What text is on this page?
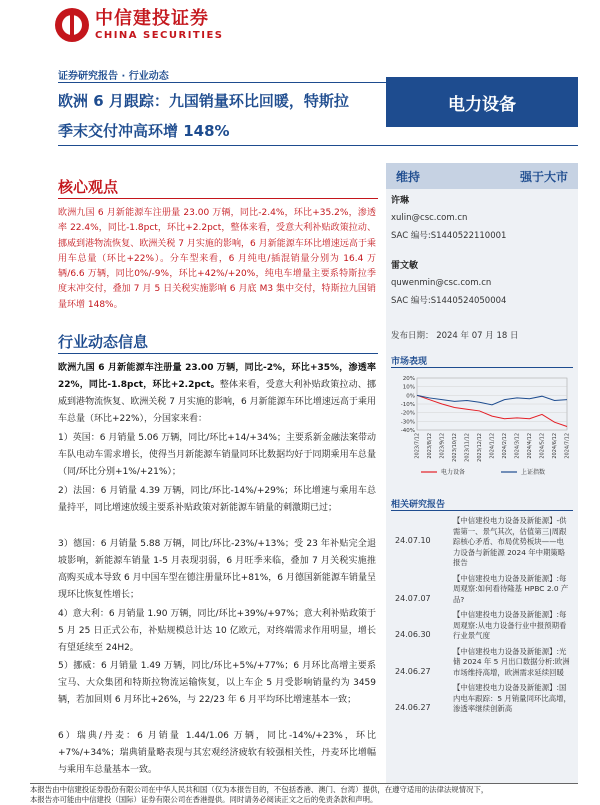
中信建投证券
CHINA SECURITIES
证券研究报告 · 行业动态
欧洲 6 月跟踪：九国销量环比回暖，特斯拉季末交付冲高环增 148%
电力设备
核心观点
欧洲九国 6 月新能源车注册量 23.00 万辆，同比-2.4%，环比+35.2%，渗透率 22.4%，同比-1.8pct，环比+2.2pct，整体来看，受意大利补贴政策拉动、挪威到港物流恢复、欧洲关税 7 月实施的影响，6 月新能源车环比增速远高于乘用车总量（环比+22%）。分车型来看，6 月纯电/插混销量分别为 16.4 万辆/6.6 万辆，同比0%/-9%，环比+42%/+20%，纯电车增量主要系特斯拉季度末冲交付，叠加 7 月 5 日关税实施影响 6 月底 M3 集中交付，特斯拉九国销量环增 148%。
行业动态信息
欧洲九国 6 月新能源车注册量 23.00 万辆，同比-2%，环比+35%，渗透率 22%，同比-1.8pct，环比+2.2pct。整体来看，受意大利补贴政策拉动、挪威到港物流恢复、欧洲关税 7 月实施的影响，6 月新能源车环比增速远高于乘用车总量（环比+22%），分国家来看：
1）英国：6 月销量 5.06 万辆，同比/环比+14/+34%；主要系新金融法案带动车队电动车需求增长，使得当月新能源车销量同环比数据均好于同期乘用车总量（同/环比分别+1%/+21%）；
2）法国：6 月销量 4.39 万辆，同比/环比-14%/+29%；环比增速与乘用车总量持平，同比增速放缓主要系补贴政策对新能源车销量的刺激期已过；
3）德国：6 月销量 5.88 万辆，同比/环比-23%/+13%；受 23 年补贴完全退坡影响，新能源车销量 1-5 月表现羽弱，6 月旺季来临，叠加 7 月关税实施推高购买成本导致 6 月中国车型在德注册量环比+81%，6 月德国新能源车销量呈现环比恢复性增长；
4）意大利：6 月销量 1.90 万辆，同比/环比+39%/+97%；意大利补贴政策于 5 月 25 日正式公布，补贴规模总计达 10 亿欧元，对终端需求作用明显，增长有望延续至 24H2。
5）挪威：6 月销量 1.49 万辆，同比/环比+5%/+77%；6 月环比高增主要系宝马、大众集团和特斯拉物流运输恢复，以上车企 5 月受影响销量约为 3459 辆，若加回则 6 月环比+26%，与 22/23 年 6 月平均环比增速基本一致；
6）瑞典/丹麦：6 月销量 1.44/1.06 万辆，同比-14%/+23%，环比+7%/+34%；瑞典销量略表现与其宏观经济疲软有较强相关性，丹麦环比增幅与乘用车总量基本一致。
维持	强于大市
许琳
xulin@csc.com.cn
SAC 编号:S1440522110001
雷文敏
quwenmin@csc.com.cn
SAC 编号:S1440524050004
发布日期： 2024 年 07 月 18 日
市场表现
20%
10%
0%
-10%
-20%
-30%
-40%
2023/7/12 2023/8/12 2023/9/12 2023/10/12 2023/11/12 2023/12/12 2024/1/12 2024/2/12 2024/3/12 2024/4/12 2024/5/12 2024/6/12 2024/7/12
电力设备	上证指数
相关研究报告
24.07.10
【中信建投电力设备及新能源】-供需第一、景气其次，估值第三|周跟踪核心矛盾、布局优势板块——电力设备与新能源 2024 年中期策略报告
24.07.07
【中信建投电力设备及新能源】:每周观察:如何看待隆基 HPBC 2.0 产品?
24.06.30
【中信建投电力设备及新能源】:每周观察:从电力设备行业中报预期看行业景气度
24.06.27
【中信建投电力设备及新能源】:光储 2024 年 5 月出口数据分析:欧洲市场维持高增，欧洲需求延续回暖
24.06.27
【中信建投电力设备及新能源】:国内电车跟踪：5 月销量同环比高增，渗透率继续创新高
本报告由中信建投证券股份有限公司在中华人民共和国（仅为本报告目的，不包括香港、澳门、台湾）提供，在遵守适用的法律法规情况下，
本报告亦可能由中信建投（国际）证券有限公司在香港提供。同时请务必阅读正文之后的免责条款和声明。
